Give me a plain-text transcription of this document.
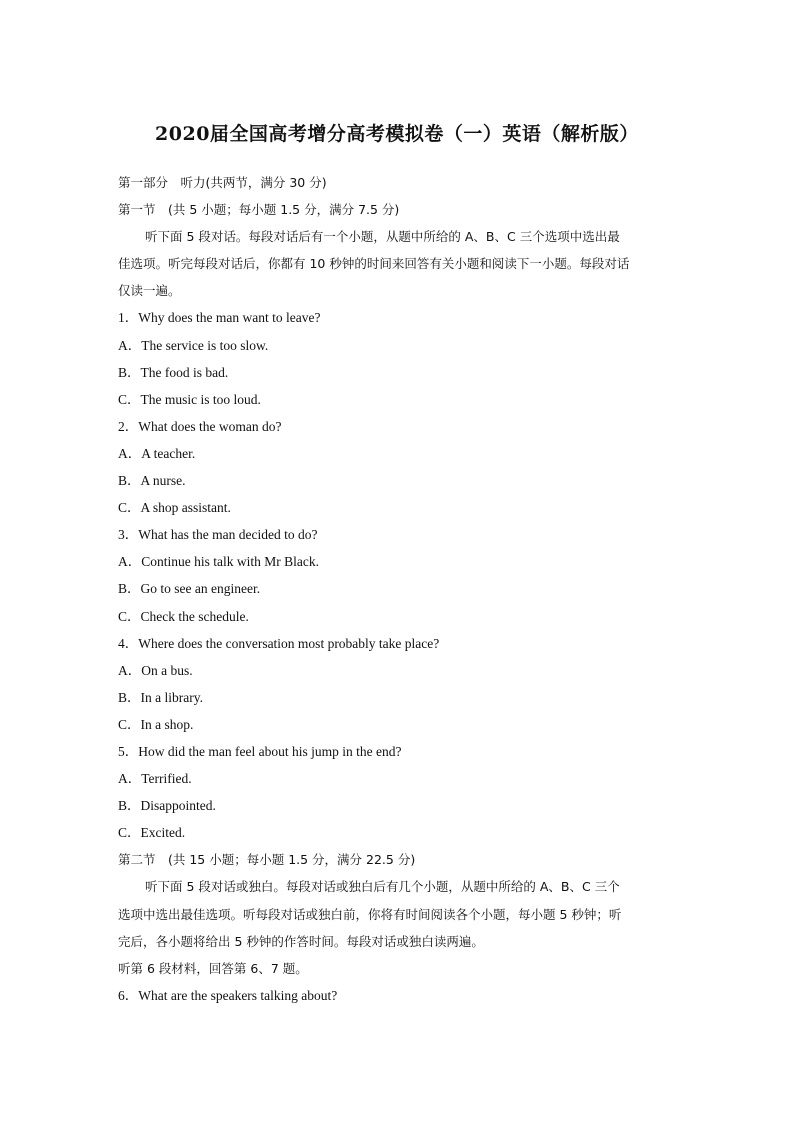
2020届全国高考增分高考模拟卷（一）英语（解析版）
第一部分　听力(共两节，满分 30 分)
第一节　(共 5 小题；每小题 1.5 分，满分 7.5 分)
听下面 5 段对话。每段对话后有一个小题，从题中所给的 A、B、C 三个选项中选出最
佳选项。听完每段对话后，你都有 10 秒钟的时间来回答有关小题和阅读下一小题。每段对话
仅读一遍。
1．Why does the man want to leave?
A．The service is too slow.
B．The food is bad.
C．The music is too loud.
2．What does the woman do?
A．A teacher.
B．A nurse.
C．A shop assistant.
3．What has the man decided to do?
A．Continue his talk with Mr Black.
B．Go to see an engineer.
C．Check the schedule.
4．Where does the conversation most probably take place?
A．On a bus.
B．In a library.
C．In a shop.
5．How did the man feel about his jump in the end?
A．Terrified.
B．Disappointed.
C．Excited.
第二节　(共 15 小题；每小题 1.5 分，满分 22.5 分)
听下面 5 段对话或独白。每段对话或独白后有几个小题，从题中所给的 A、B、C 三个
选项中选出最佳选项。听每段对话或独白前，你将有时间阅读各个小题，每小题 5 秒钟；听
完后，各小题将给出 5 秒钟的作答时间。每段对话或独白读两遍。
听第 6 段材料，回答第 6、7 题。
6．What are the speakers talking about?
